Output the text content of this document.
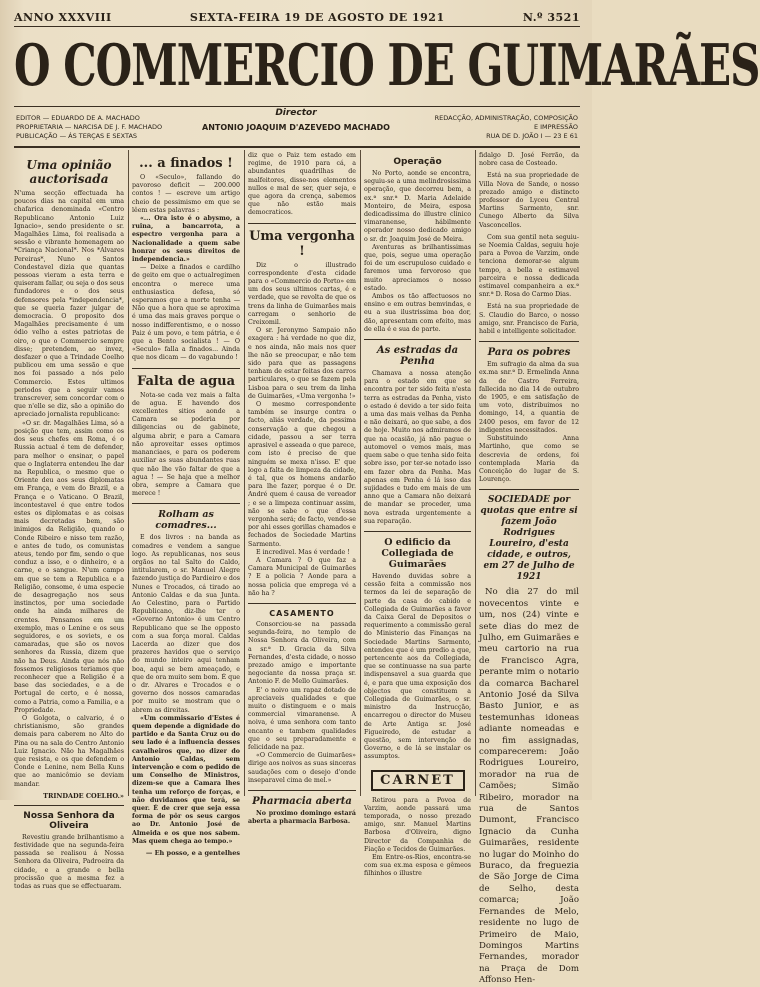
ANNO XXXVIII	SEXTA-FEIRA 19 DE AGOSTO DE 1921	N.º 3521
O COMMERCIO DE GUIMARÃES
EDITOR — EDUARDO DE A. MACHADO
PROPRIETARIA — NARCISA DE J. F. MACHADO
PUBLICAÇÃO — ÁS TERÇAS E SEXTAS
Director
ANTONIO JOAQUIM D'AZEVEDO MACHADO
REDACÇÃO, ADMINISTRAÇÃO, COMPOSIÇÃO
E IMPRESSÃO
RUA DE D. JOÃO I — 23 E 61
Uma opinião auctorisada

N'uma secção effectuada ha poucos dias na capital em uma chafarica denominada «Centro Republicano Antonio Luiz Ignacio», sendo presidente o sr. Magalhães Lima, foi realisada a sessão e vibrante homenagem ao *Criança Nacional*. Nos *Alvares Pereiras*, Nuno e Santos Condestavel dizia que quantas pessoas vieram a esta terra e quiseram fallar, ou seja o dos seus fundadores e o dos seus defensores pela *independencia*, que se queria fazer julgar de democracia. O proposito dos Magalhães precisamente é um ódio velho a estes patriotas de oiro, o que o Commercio sempre disse; pretendem, ao invez, desfazer o que a Trindade Coelho publicou em uma sessão e que nos foi passado a nós pelo Commercio. Estes ultimos periodos que a seguir vamos transcrever, sem concordar com o que n'elle se diz, são a opinião do apreciado jornalista republicano:

«O sr. dr. Magalhães Lima, só a posição que tem, assim como os dos seus chefes em Roma, é o Russia actual é tem de defender, para melhor o ensinar, o papel que o Inglaterra entendeu lhe dar na Republica, o mesmo que o Oriente deu aos seus diplomatas em França, e vem do Brazil, e a França e o Vaticano. O Brazil, incontestavel é que entre todos estes os diplomatas e as coisas mais decretadas bem, são inimigos da Religião, quando o Conde Ribeiro e nisso tem razão, e antes de tudo, os comunistas ateus, tendo por fim, sendo o que conduz a isso, e o dinheiro, e a carne, e o sangue. N'um campo em que se tem a Republica e a Religião, consome, é uma especie de desagregação nos seus instinctos, por uma sociedade onde ha ainda milhares de crentes. Pensamos em um exemplo, mas o Lenine e os seus seguidores, e os soviets, e os camaradas, que são os novos senhores da Russia, dizem que não ha Deus. Ainda que nós não fossemos religiosos teriamos que reconhecer que a Religião é a base das sociedades, e a de Portugal de certo, e é nossa, como a Patria, como a Familia, e a Propriedade.

O Golgota, o calvario, é o christianismo, são grandes demais para caberem no Alto do Pina ou na sala do Centro Antonio Luiz Ignacio. Não ha Magalhães que resista, e os que defendem o Conde e Lenine, nem Bella Kuns que ao manicômio se deviam mandar.

TRINDADE COELHO.»
Nossa Senhora da Oliveira

Revestiu grande brilhantismo a festividade que na segunda-feira passada se realisou á Nossa Senhora da Oliveira, Padroeira da cidade, e a grande e bella procissão que a mesma fez a todas as ruas que se effectuaram.

... a finados !

O «Seculo», fallando do pavoroso deficit — 200.000 contos ! — escreve um artigo cheio de pessimismo em que se lêem estas palavras :

«... Ora isto é o abysmo, a ruina, a bancarrota, a espectro vergonha para a Nacionalidade a quem sabe honrar os seus direitos de independencia.»

— Deixe a finados e cardilho de geito em que o actualregimen encontra o merece uma enthusiastica defesa, só esperamos que a morte tenha — Não que a hora que se aproxima é uma das mais graves porque o nosso indifferentismo, e o nosso Paiz é um povo, e tem pátria, e é que a Bento socialista ! — O «Seculo» falla a finados... Ainda que nos dicam — do vagabundo !

Falta de agua

Nota-se cada vez mais a falta de agua. E havendo dos excellentes sitios aonde a Camara se poderia por diligencias ou de gabinete, alguma abrir, e para a Camara não aproveitar esses optimos mananciaes, e para os poderem auxiliar as suas abundantes ruas que não lhe vão faltar de que a agua ! — Se haja que a melhor obra, sempre a Camara que merece !

Rolham as comadres...

E dos livros : na banda as comadres e vendem a sangue logo. As republicanas, nos seus orgãos no tal Salto do Caldo, intitularem, o sr. Manuel Alegre fazendo justiça do Pardieiro e dos Nunes e Trocados, cá tirado ao Antonio Caldas e da sua Junta. Ao Celestino, para o Partido Republicano, diz-lhe ter o «Governo Antonio» é um Centro Republicano que se lhe opposto com a sua força moral. Caldas Lacerda ao dizer que dos prazeres havidos que o serviço do mundo inteiro aqui tenham boa, aqui se bem ameaçado, e que de ora muito sem bom. É que o dr. Alvares e Trocados e o governo dos nossos camaradas por muito se mostram que o abrem as direitas.

«Um commissario d'Estes é quem depende a dignidade do partido e da Santa Cruz ou do seu lado é a influencia desses cavalheiros que, no dizer do Antonio Caldas, sem intervenção e com o pedido de um Conselho de Ministros, dizem-se que a Camara lhes tenha um reforço de forças, e não duvidamos que terá, se quer. É de crer que seja essa forma de pôr os seus cargos ao Dr. Antonio José de Almeida e os que nos sabem. Mas quem chega ao tempo.»

— Eh posso, e a gentelhes

diz que o Paiz tem estado em regime, de 1910 para cá, a abundantes quadrilhas de malfeitores, disse-nos elementos nullos e mal de ser, quer seja, e que agora da crença, sabemos que não estão mais democraticos.

Uma vergonha !

Diz o illustrado correspondente d'esta cidade para o «Commercio do Porto» em um dos seus ultimos cartas, é e verdade, que se revolta de que os trens da linha de Guimarães mais carregam o senhorio de Creixomil.

O sr. Jeronymo Sampaio não exagera : há verdade no que diz, e nos ainda, não mais nos quer lhe não se preocupar, e não tem sido para que as passagens tenham de estar feitas dos carros particulares, o que se fazem pela Lisboa para o seu trem da linha de Guimarães, «Uma vergonha !»

O mesmo correspondente também se insurge contra o facto, aliás verdade, da pessima conservação a que chegou a cidade, passou a ser terra aprasivel e asseada o que parece, com isto é preciso de que ninguém se mexa n'isso. E' que logo a falta de limpeza da cidade, é tal, que os homens andarão para lhe fazer, porque é o Dr. André quem é causa de vereador ; e se a limpeza continuar assim, não se sabe o que d'essa vergonha será; de facto, vendo-se por ahi esses gorillas chamados e fechados de Sociedade Martins Sarmento.

E incredivel. Mas é verdade !

A Camara ? O que faz a Camara Municipal de Guimarães ? E a policia ? Aonde para a nossa policia que emprega vé a não ha ?

CASAMENTO

Consorciou-se na passada segunda-feira, no templo de Nossa Senhora da Oliveira, com a sr.ª D. Gracia da Silva Fernandes, d'esta cidade, o nosso prezado amigo e importante negociante da nossa praça sr. Antonio F. de Mello Guimarães.

E' o noivo um rapaz dotado de apreciaveis qualidades e que muito o distinguem e o mais commercial vimaranense. A noiva, é uma senhora com tanto encanto e tambem qualidades que o seu preparadamente e felicidade na paz.

«O Commercio de Guimarães» dirige aos noivos as suas sinceras saudações com o desejo d'onde inseparavel cima de mel.»

Pharmacia aberta

No proximo domingo estará aberta a pharmacia Barbosa.

Operação

No Porto, aonde se encontra, seguiu-se a uma melindrosissima operação, que decorreu bem, a ex.ª snr.ª D. Maria Adelaide Monteiro, de Meira, esposa dedicadissima do illustre clinico vimaranense, hábilmente operador nosso dedicado amigo o sr. dr. Joaquim José de Meira.

Aventuras as brilhantissimas que, pois, segue uma operação foi de um escrupuloso cuidado e faremos uma fervoroso que muito apreciamos o nosso estado.

Ambos os tão affectuosos no ensino e em outras bemvindas, e eu a sua ilustrissima boa dor, dão, apresentam com efeito, mas de ella é e sua de parte.

As estradas da Penha

Chamava a nossa atenção para o estado em que se encontra por ter sido feita n'esta terra as estradas da Penha, visto o estado é devido a ter sido feita a uma das mais velhas da Penha e não deixará, ao que sabe, a dos de hoje. Muito nos admiramos de que na ocasião, já não pague o automovel o vemos mais, mas quem sabe o que tenha sido feita sobre isso, por ter-se notado isso em fazer obra da Penha. Mas apenas em Penha é lá isso das sujidades e tudo em mais de um anno que a Camara não deixará de mandar se proceder, uma nova estrada urgentemente a sua reparação.

O edificio da Collegiada de Guimarães

Havendo duvidas sobre a cessão feita a commissão nos termos da lei de separação de parte da casa do cabido e Collegiada de Guimarães a favor da Caixa Geral de Depositos o requerimento a commissão geral do Ministerio das Finanças na Sociedade Martins Sarmento, entendeu que é um predio a que, pertencente aos da Collegiada, que se continuasse na sua parte indispensavel a sua guarda que é, e para que uma exposição dos objectos que constituem a Collegiada de Guimarães, o sr. ministro da Instrucção, encarregou o director do Museu de Arte Antiga sr. José Figueiredo, de estudar a questão, sem intervenção de Governo, e de lá se instalar os assumptos.

CARNET

Retirou para a Povoa de Varzim, aonde passará uma temporada, o nosso prezado amigo, snr. Manuel Martins Barbosa d'Oliveira, digno Director da Companhia de Fiação e Tecidos de Guimarães.

Em Entre-os-Rios, encontra-se com sua ex.ma esposa e gêmeos filhinhos o illustre

fidalgo D. José Ferrão, da nobre casa de Costeado.

Está na sua propriedade de Villa Nova de Sande, o nosso prezado amigo e distincto professor do Lyceu Central Martins Sarmento, snr. Cunego Alberto da Silva Vasconcellos.

Com sua gentil neta seguiu-se Noemia Caldas, seguiu hoje para a Povoa de Varzim, onde tenciona demorar-se algum tempo, a bella e estimavel parceira e nossa dedicada estimavel companheira a ex.ª snr.ª D. Rosa do Carmo Dias.

Está na sua propriedade de S. Claudio do Barco, o nosso amigo, snr. Francisco de Faria, habil e intelligente solicitador.

Para os pobres

Em sufragio da alma da sua ex.ma snr.ª D. Ermelinda Anna da de Castro Ferreira, fallecida no dia 14 de outubro de 1905, e em satisfação de um voto, distribuimos no domingo, 14, a quantia de 2400 pesos, em favor de 12 indigentes necessitados.

Substituindo Anna Martinho, que como se descrevia de ordens, foi contemplada Maria da Conceição do lugar de S. Lourenço.

SOCIEDADE por quotas que entre si fazem João Rodrigues Loureiro, d'esta cidade, e outros, em 27 de Julho de 1921

No dia 27 do mil novecentos vinte e um, nos (24) vinte e sete dias do mez de Julho, em Guimarães e meu cartorio na rua de Francisco Agra, perante mim o notario da comarca Bacharel Antonio José da Silva Basto Junior, e as testemunhas idoneas adiante nomeadas e no fim assignadas, comparecerem: João Rodrigues Loureiro, morador na rua de Camões; Simão Ribeiro, morador na rua de Santos Dumont, Francisco Ignacio da Cunha Guimarães, residente no lugar do Moinho do Buraco, da freguezia de São Jorge de Cima de Selho, desta comarca; João Fernandes de Melo, residente no lugo de Primeiro de Maio, Domingos Martins Fernandes, morador na Praça de Dom Affonso Hen-
